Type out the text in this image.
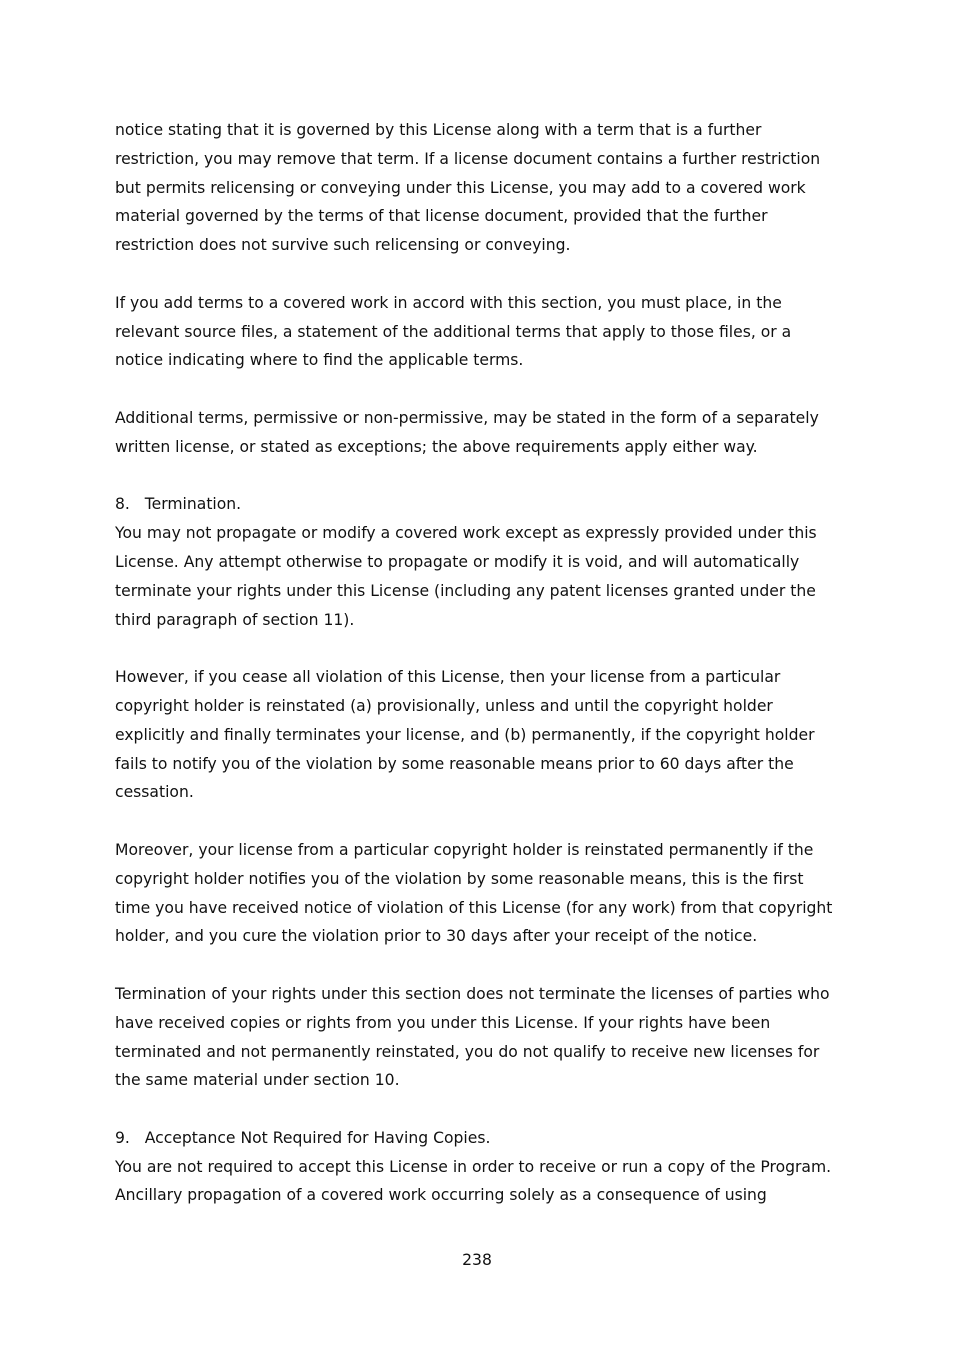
notice stating that it is governed by this License along with a term that is a further
restriction, you may remove that term. If a license document contains a further restriction
but permits relicensing or conveying under this License, you may add to a covered work
material governed by the terms of that license document, provided that the further
restriction does not survive such relicensing or conveying.

If you add terms to a covered work in accord with this section, you must place, in the
relevant source files, a statement of the additional terms that apply to those files, or a
notice indicating where to find the applicable terms.

Additional terms, permissive or non-permissive, may be stated in the form of a separately
written license, or stated as exceptions; the above requirements apply either way.

8.   Termination.

You may not propagate or modify a covered work except as expressly provided under this
License. Any attempt otherwise to propagate or modify it is void, and will automatically
terminate your rights under this License (including any patent licenses granted under the
third paragraph of section 11).

However, if you cease all violation of this License, then your license from a particular
copyright holder is reinstated (a) provisionally, unless and until the copyright holder
explicitly and finally terminates your license, and (b) permanently, if the copyright holder
fails to notify you of the violation by some reasonable means prior to 60 days after the
cessation.

Moreover, your license from a particular copyright holder is reinstated permanently if the
copyright holder notifies you of the violation by some reasonable means, this is the first
time you have received notice of violation of this License (for any work) from that copyright
holder, and you cure the violation prior to 30 days after your receipt of the notice.

Termination of your rights under this section does not terminate the licenses of parties who
have received copies or rights from you under this License. If your rights have been
terminated and not permanently reinstated, you do not qualify to receive new licenses for
the same material under section 10.

9.   Acceptance Not Required for Having Copies.

You are not required to accept this License in order to receive or run a copy of the Program.
Ancillary propagation of a covered work occurring solely as a consequence of using

238
